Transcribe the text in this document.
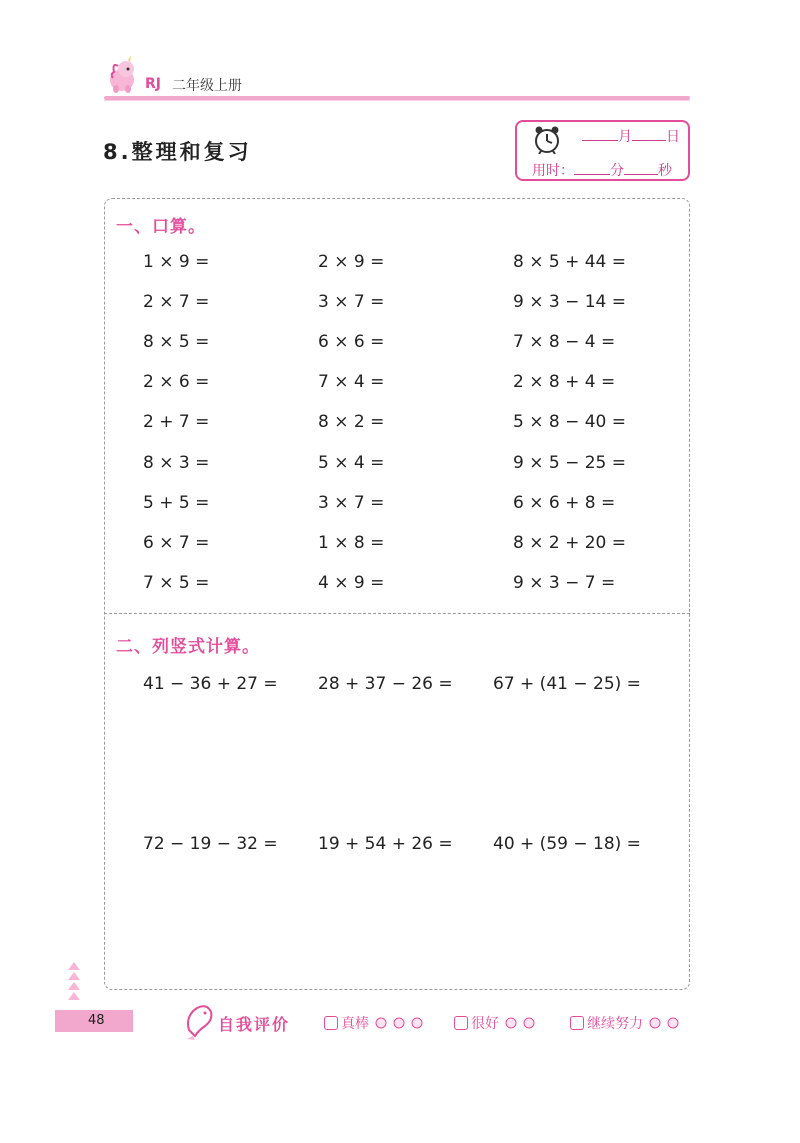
RJ 二年级上册
8.整理和复习
月 日
用时：	分 秒
一、口算。
1 × 9 =	2 × 9 =	8 × 5 + 44 =
2 × 7 =	3 × 7 =	9 × 3 − 14 =
8 × 5 =	6 × 6 =	7 × 8 − 4 =
2 × 6 =	7 × 4 =	2 × 8 + 4 =
2 + 7 =	8 × 2 =	5 × 8 − 40 =
8 × 3 =	5 × 4 =	9 × 5 − 25 =
5 + 5 =	3 × 7 =	6 × 6 + 8 =
6 × 7 =	1 × 8 =	8 × 2 + 20 =
7 × 5 =	4 × 9 =	9 × 3 − 7 =
二、列竖式计算。
41 − 36 + 27 = 28 + 37 − 26 = 67 + (41 − 25) =
72 − 19 − 32 = 19 + 54 + 26 = 40 + (59 − 18) =
48	自我评价	真棒	很好	继续努力
